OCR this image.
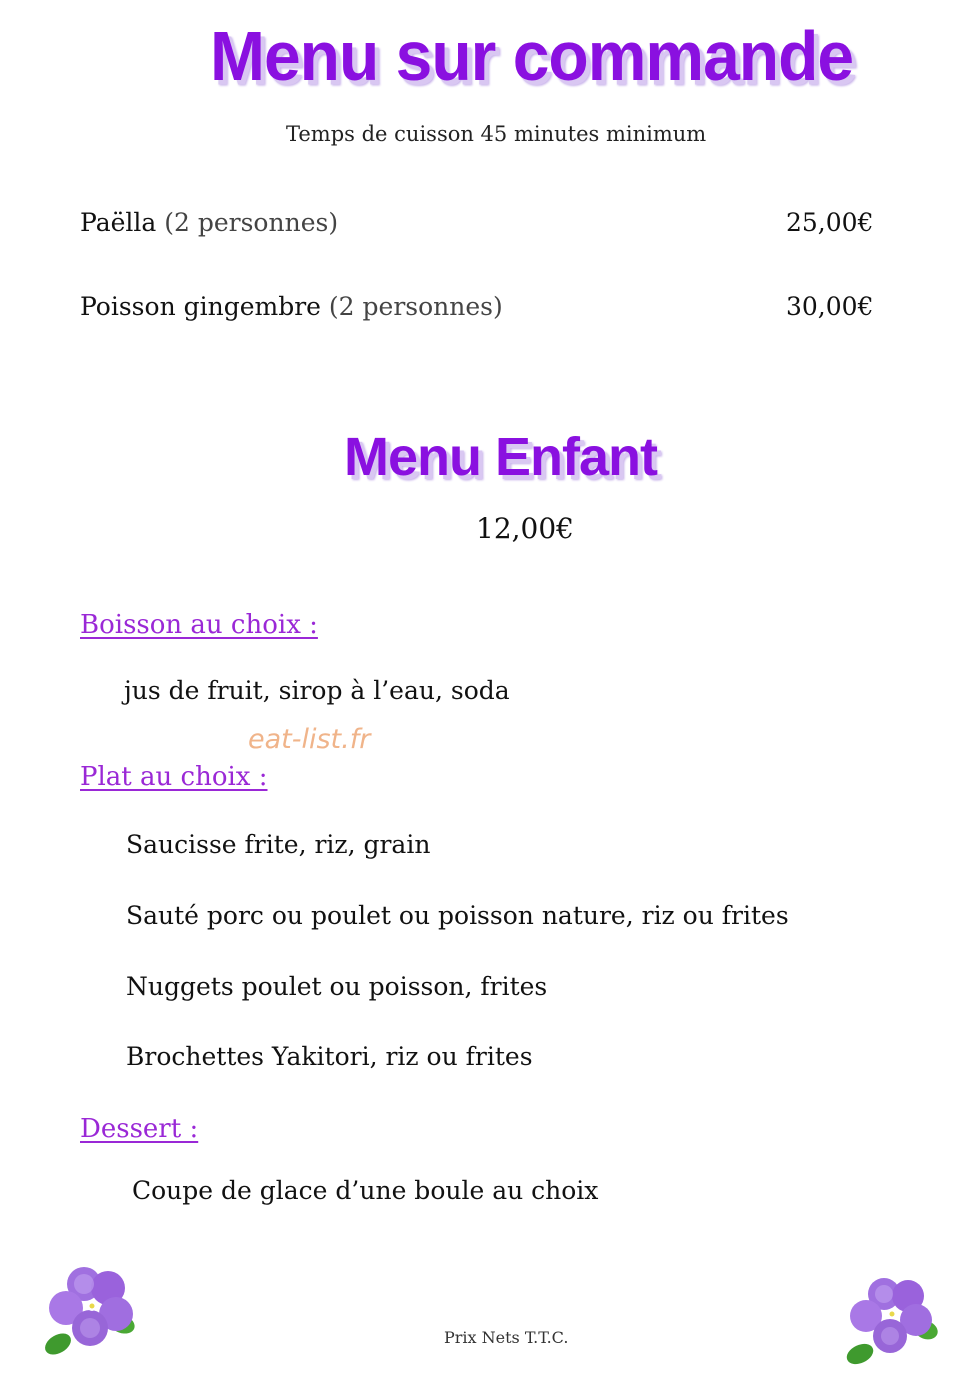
Menu sur commande
Temps de cuisson 45 minutes minimum
Paëlla (2 personnes)	25,00€
Poisson gingembre (2 personnes)	30,00€
Menu Enfant
12,00€
Boisson au choix :
jus de fruit, sirop à l’eau, soda
eat-list.fr
Plat au choix :
Saucisse frite, riz, grain
Sauté porc ou poulet ou poisson nature, riz ou frites
Nuggets poulet ou poisson, frites
Brochettes Yakitori, riz ou frites
Dessert :
Coupe de glace d’une boule au choix
Prix Nets T.T.C.
